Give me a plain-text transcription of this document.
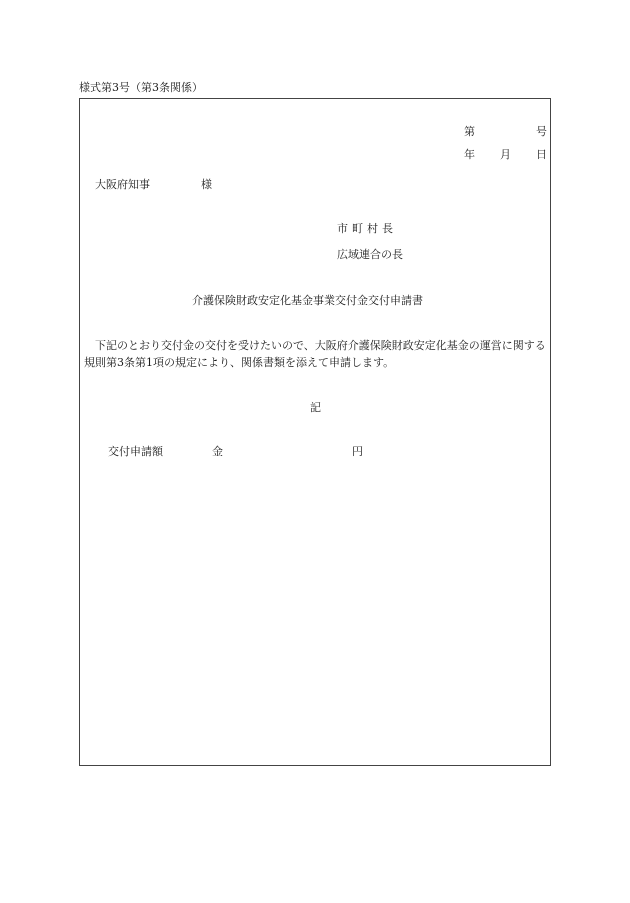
様式第3号（第3条関係）
第	号
年 月 日
大阪府知事	様
市町村長
広域連合の長
介護保険財政安定化基金事業交付金交付申請書
下記のとおり交付金の交付を受けたいので、大阪府介護保険財政安定化基金の運営に関する規則第3条第1項の規定により、関係書類を添えて申請します。
記
交付申請額	金	円
